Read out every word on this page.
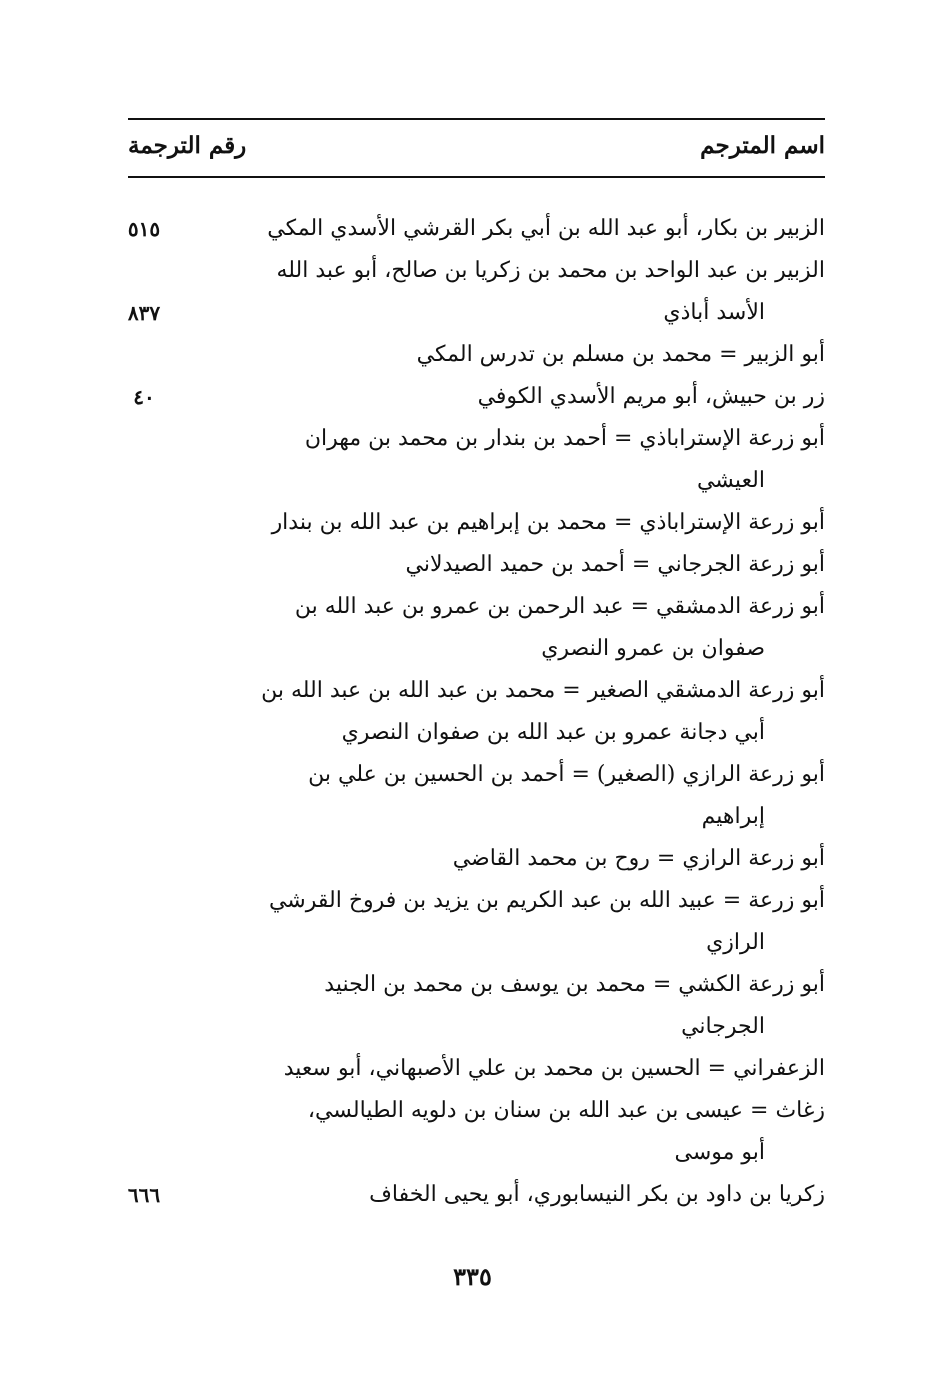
اسم المترجم
رقم الترجمة
الزبير بن بكار، أبو عبد الله بن أبي بكر القرشي الأسدي المكي
٥١٥
الزبير بن عبد الواحد بن محمد بن زكريا بن صالح، أبو عبد الله
الأسد أباذي
٨٣٧
أبو الزبير = محمد بن مسلم بن تدرس المكي
زر بن حبيش، أبو مريم الأسدي الكوفي
٤٠
أبو زرعة الإستراباذي = أحمد بن بندار بن محمد بن مهران
العيشي
أبو زرعة الإستراباذي = محمد بن إبراهيم بن عبد الله بن بندار
أبو زرعة الجرجاني = أحمد بن حميد الصيدلاني
أبو زرعة الدمشقي = عبد الرحمن بن عمرو بن عبد الله بن
صفوان بن عمرو النصري
أبو زرعة الدمشقي الصغير = محمد بن عبد الله بن عبد الله بن
أبي دجانة عمرو بن عبد الله بن صفوان النصري
أبو زرعة الرازي (الصغير) = أحمد بن الحسين بن علي بن
إبراهيم
أبو زرعة الرازي = روح بن محمد القاضي
أبو زرعة = عبيد الله بن عبد الكريم بن يزيد بن فروخ القرشي
الرازي
أبو زرعة الكشي = محمد بن يوسف بن محمد بن الجنيد
الجرجاني
الزعفراني = الحسين بن محمد بن علي الأصبهاني، أبو سعيد
زغاث = عيسى بن عبد الله بن سنان بن دلويه الطيالسي،
أبو موسى
زكريا بن داود بن بكر النيسابوري، أبو يحيى الخفاف
٦٦٦
٣٣٥
